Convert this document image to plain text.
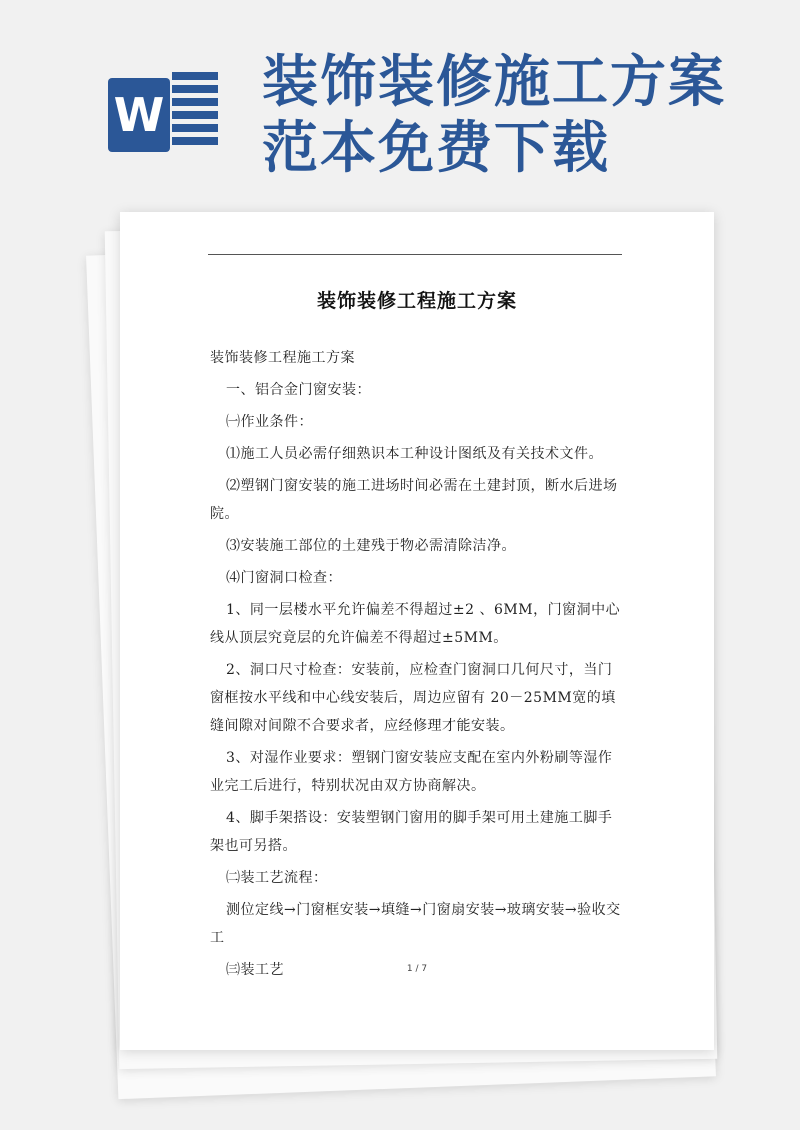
W 装饰装修施工方案
范本免费下载
装饰装修工程施工方案

装饰装修工程施工方案

一、铝合金门窗安装：

㈠作业条件：

⑴施工人员必需仔细熟识本工种设计图纸及有关技术文件。

⑵塑钢门窗安装的施工进场时间必需在土建封顶，断水后进场院。

⑶安装施工部位的土建残于物必需清除洁净。

⑷门窗洞口检查：

1、同一层楼水平允许偏差不得超过±2 、6MM，门窗洞中心线从顶层究竟层的允许偏差不得超过±5MM。

2、洞口尺寸检查：安装前，应检查门窗洞口几何尺寸，当门窗框按水平线和中心线安装后，周边应留有 20－25MM宽的填缝间隙对间隙不合要求者，应经修理才能安装。

3、对湿作业要求：塑钢门窗安装应支配在室内外粉刷等湿作业完工后进行，特别状况由双方协商解决。

4、脚手架搭设：安装塑钢门窗用的脚手架可用土建施工脚手架也可另搭。

㈡装工艺流程：

测位定线→门窗框安装→填缝→门窗扇安装→玻璃安装→验收交工

㈢装工艺	1 / 7
